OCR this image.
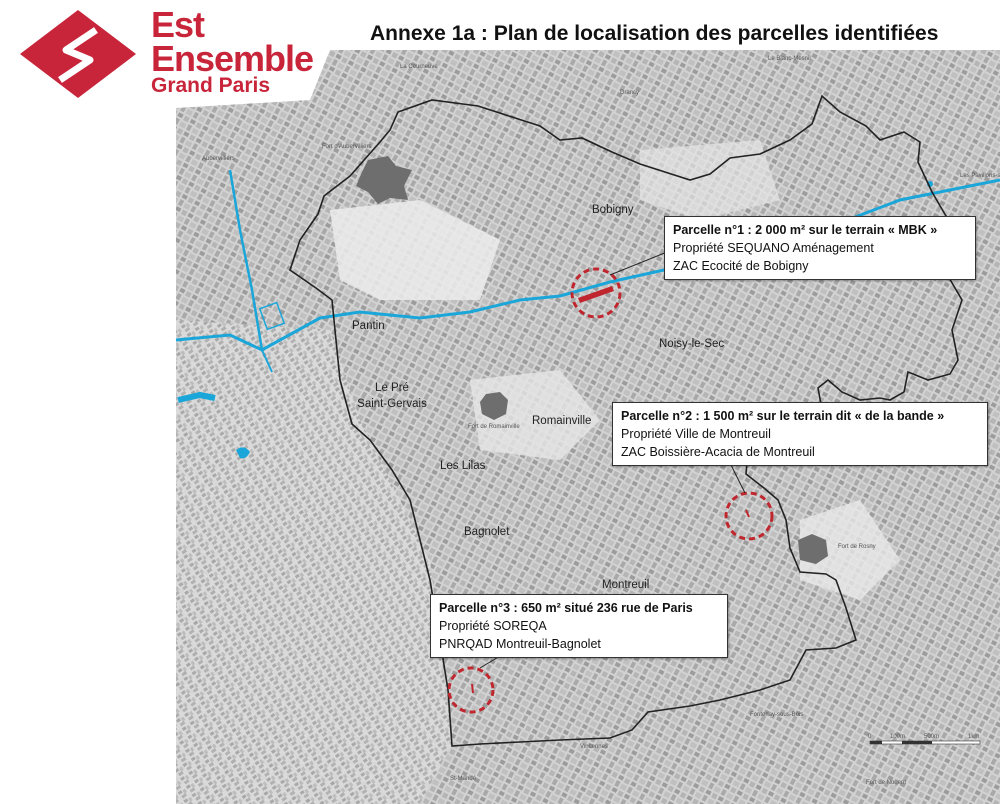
Est
Ensemble
Grand Paris
Annexe 1a : Plan de localisation des parcelles identifiées
Bobigny
Pantin
Noisy-le-Sec
Le Pré
Saint-Gervais
Romainville
Les Lilas
Bagnolet
Montreuil
La Courneuve
Le Blanc-Mesnil
Drancy
Aubervilliers
Fort d'Aubervilliers
Les Pavillons-s
Fort de Romainville
Fort de Rosny
Fontenay-sous-Bois
Vincennes
St-Mandé
Fort de Nogent
Parcelle n°1 : 2 000 m² sur le terrain « MBK »
Propriété SEQUANO Aménagement
ZAC Ecocité de Bobigny
Parcelle n°2 : 1 500 m² sur le terrain dit « de la bande »
Propriété Ville de Montreuil
ZAC Boissière-Acacia de Montreuil
Parcelle n°3 : 650 m² situé 236 rue de Paris
Propriété SOREQA
PNRQAD Montreuil-Bagnolet
0	100m	500m	1km
